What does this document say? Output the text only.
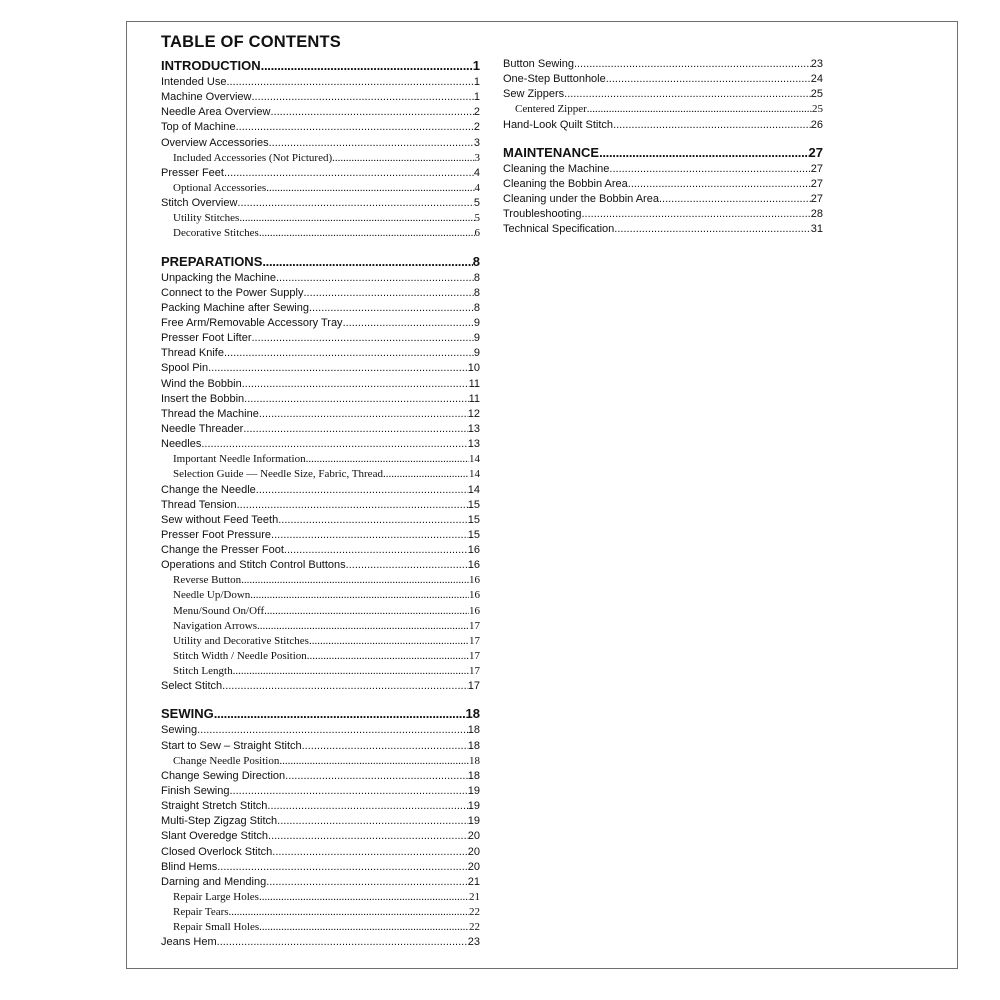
TABLE OF CONTENTS
INTRODUCTION .....	1
Intended Use .....	1
Machine Overview .....	1
Needle Area Overview .....	2
Top of Machine .....	2
Overview Accessories .....	3
Included Accessories (Not Pictured) .....	3
Presser Feet .....	4
Optional Accessories .....	4
Stitch Overview .....	5
Utility Stitches .....	5
Decorative Stitches .....	6
PREPARATIONS .....	8
Unpacking the Machine .....	8
Connect to the Power Supply .....	8
Packing Machine after Sewing .....	8
Free Arm/Removable Accessory Tray .....	9
Presser Foot Lifter .....	9
Thread Knife .....	9
Spool Pin .....	10
Wind the Bobbin .....	11
Insert the Bobbin .....	11
Thread the Machine .....	12
Needle Threader .....	13
Needles .....	13
Important Needle Information .....	14
Selection Guide — Needle Size, Fabric, Thread .....	14
Change the Needle .....	14
Thread Tension .....	15
Sew without Feed Teeth .....	15
Presser Foot Pressure .....	15
Change the Presser Foot .....	16
Operations and Stitch Control Buttons .....	16
Reverse Button .....	16
Needle Up/Down .....	16
Menu/Sound On/Off .....	16
Navigation Arrows .....	17
Utility and Decorative Stitches .....	17
Stitch Width / Needle Position .....	17
Stitch Length .....	17
Select Stitch .....	17
SEWING .....	18
Sewing .....	18
Start to Sew – Straight Stitch .....	18
Change Needle Position .....	18
Change Sewing Direction .....	18
Finish Sewing .....	19
Straight Stretch Stitch .....	19
Multi-Step Zigzag Stitch .....	19
Slant Overedge Stitch .....	20
Closed Overlock Stitch .....	20
Blind Hems .....	20
Darning and Mending .....	21
Repair Large Holes .....	21
Repair Tears .....	22
Repair Small Holes .....	22
Jeans Hem .....	23
Button Sewing .....	23
One-Step Buttonhole .....	24
Sew Zippers .....	25
Centered Zipper .....	25
Hand-Look Quilt Stitch .....	26
MAINTENANCE .....	27
Cleaning the Machine .....	27
Cleaning the Bobbin Area .....	27
Cleaning under the Bobbin Area .....	27
Troubleshooting .....	28
Technical Specification .....	31
